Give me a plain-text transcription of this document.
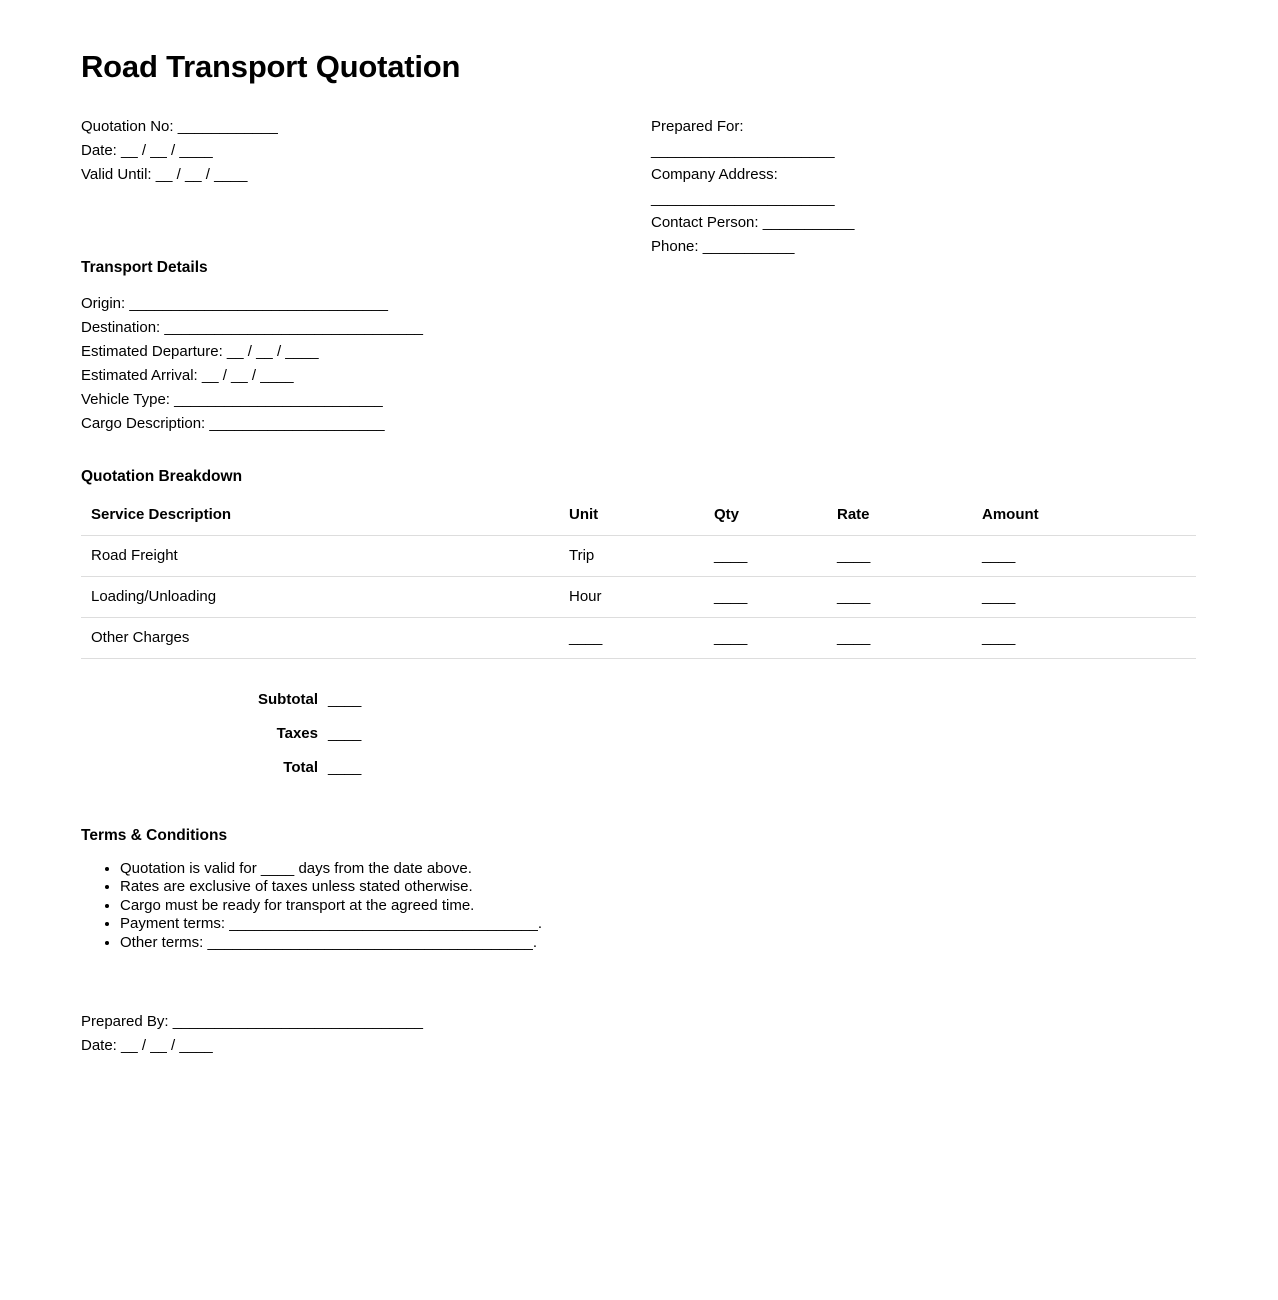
Road Transport Quotation
Quotation No: ____________
Date: __ / __ / ____
Valid Until: __ / __ / ____
Prepared For:
______________________
Company Address:
______________________
Contact Person: ___________
Phone: ___________
Transport Details
Origin: _______________________________
Destination: _______________________________
Estimated Departure: __ / __ / ____
Estimated Arrival: __ / __ / ____
Vehicle Type: _________________________
Cargo Description: _____________________
Quotation Breakdown
Service Description	Unit	Qty	Rate	Amount
Road Freight	Trip	____	____	____
Loading/Unloading	Hour	____	____	____
Other Charges	____	____	____	____
Subtotal ____
Taxes ____
Total ____
Terms & Conditions
• Quotation is valid for ____ days from the date above.
• Rates are exclusive of taxes unless stated otherwise.
• Cargo must be ready for transport at the agreed time.
• Payment terms: _____________________________________.
• Other terms: _______________________________________.
Prepared By: ______________________________
Date: __ / __ / ____
